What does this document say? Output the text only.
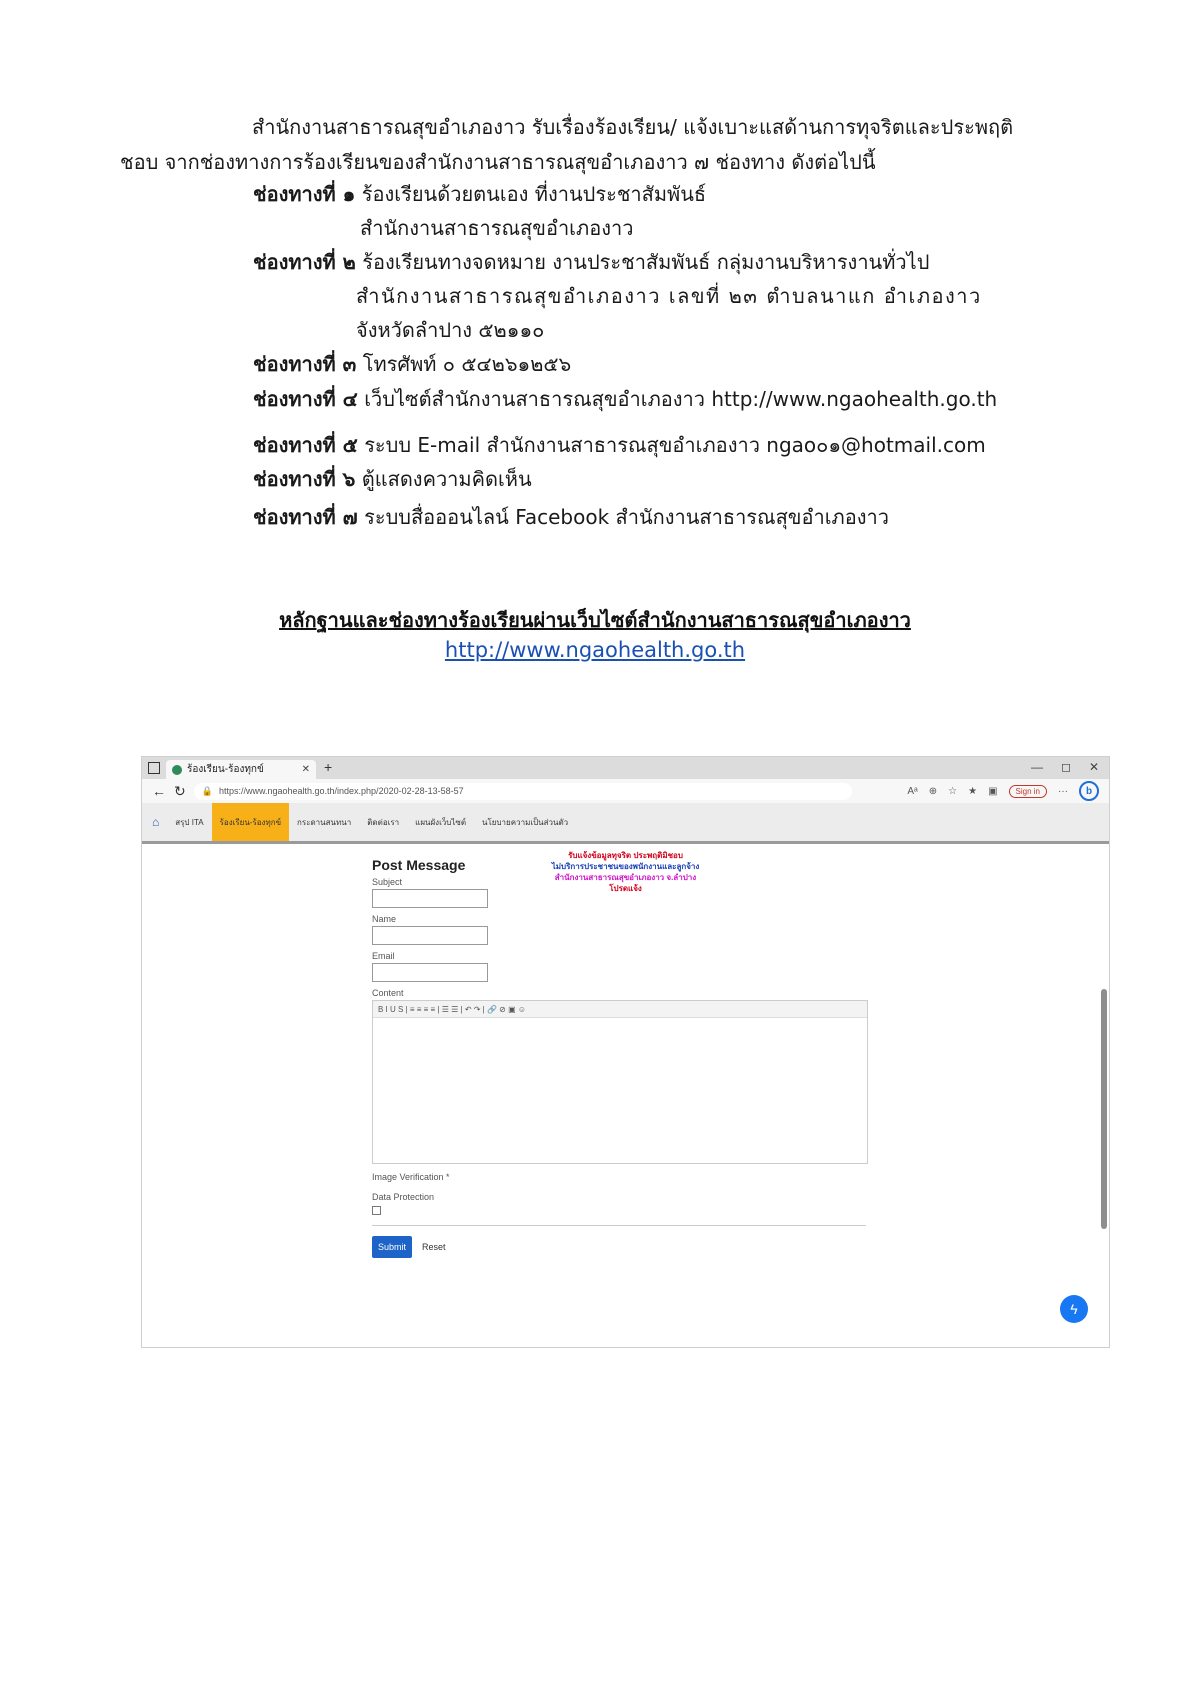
สำนักงานสาธารณสุขอำเภองาว รับเรื่องร้องเรียน/ แจ้งเบาะแสด้านการทุจริตและประพฤติ
ชอบ จากช่องทางการร้องเรียนของสำนักงานสาธารณสุขอำเภองาว ๗ ช่องทาง ดังต่อไปนี้
ช่องทางที่ ๑ ร้องเรียนด้วยตนเอง ที่งานประชาสัมพันธ์
สำนักงานสาธารณสุขอำเภองาว
ช่องทางที่ ๒ ร้องเรียนทางจดหมาย งานประชาสัมพันธ์ กลุ่มงานบริหารงานทั่วไป
สำนักงานสาธารณสุขอำเภองาว เลขที่ ๒๓ ตำบลนาแก อำเภองาว
จังหวัดลำปาง ๕๒๑๑๐
ช่องทางที่ ๓ โทรศัพท์ ๐ ๕๔๒๖๑๒๕๖
ช่องทางที่ ๔ เว็บไซต์สำนักงานสาธารณสุขอำเภองาว http://www.ngaohealth.go.th
ช่องทางที่ ๕ ระบบ E-mail สำนักงานสาธารณสุขอำเภองาว ngao๐๑@hotmail.com
ช่องทางที่ ๖ ตู้แสดงความคิดเห็น
ช่องทางที่ ๗ ระบบสื่อออนไลน์ Facebook สำนักงานสาธารณสุขอำเภองาว
หลักฐานและช่องทางร้องเรียนผ่านเว็บไซต์สำนักงานสาธารณสุขอำเภองาว
http://www.ngaohealth.go.th
ร้องเรียน-ร้องทุกข์	✕ +	— ◻ ✕
← ↻ 🔒 https://www.ngaohealth.go.th/index.php/2020-02-28-13-58-57	Aᵃ ⊕ ☆ ★ ▣	Sign in	···	b
⌂	สรุป ITA	ร้องเรียน-ร้องทุกข์	กระดานสนทนา	ติดต่อเรา	แผนผังเว็บไซต์	นโยบายความเป็นส่วนตัว
รับแจ้งข้อมูลทุจริต ประพฤติมิชอบ
ไม่บริการประชาชนของพนักงานและลูกจ้าง
สำนักงานสาธารณสุขอำเภองาว จ.ลำปาง
โปรดแจ้ง
Post Message
Subject
Name
Email
Content
B I U S | ≡ ≡ ≡ ≡ | ☰ ☰ | ↶ ↷ | 🔗 ⊘ ▣ ☺
Image Verification *
Data Protection
Submit	Reset
ϟ
